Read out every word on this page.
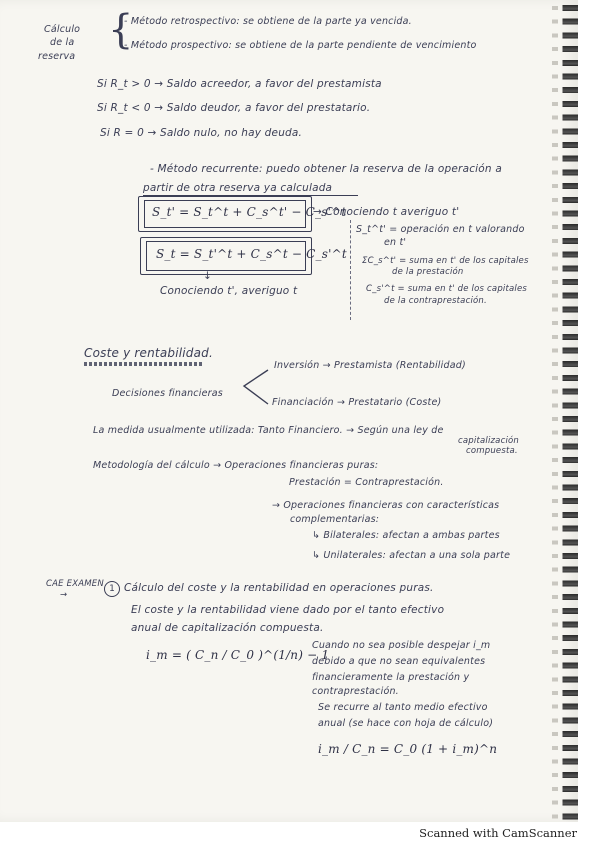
Cálculo
de la
reserva
{
- Método retrospectivo: se obtiene de la parte ya vencida.
- Método prospectivo: se obtiene de la parte pendiente de vencimiento
Si R_t > 0 → Saldo acreedor, a favor del prestamista
Si R_t < 0 → Saldo deudor, a favor del prestatario.
Si R = 0 → Saldo nulo, no hay deuda.
- Método recurrente: puedo obtener la reserva de la operación a
partir de otra reserva ya calculada
S_t' = S_t^t + C_s^t' − C_s'^t
→ Conociendo t averiguo t'
S_t^t' = operación en t valorando
en t'
S_t = S_t'^t + C_s^t − C_s'^t
↓
Conociendo t', averiguo t
ΣC_s^t' = suma en t' de los capitales
de la prestación
C_s'^t = suma en t' de los capitales
de la contraprestación.
Coste y rentabilidad.
Inversión → Prestamista (Rentabilidad)
Decisiones financieras
Financiación → Prestatario (Coste)
La medida usualmente utilizada: Tanto Financiero. → Según una ley de
capitalización
compuesta.
Metodología del cálculo → Operaciones financieras puras:
Prestación = Contraprestación.
→ Operaciones financieras con características
complementarias:
↳ Bilaterales: afectan a ambas partes
↳ Unilaterales: afectan a una sola parte
CAE EXAMEN
→
1 Cálculo del coste y la rentabilidad en operaciones puras.
El coste y la rentabilidad viene dado por el tanto efectivo
anual de capitalización compuesta.
i_m = ( C_n / C_0 )^(1/n) − 1
Cuando no sea posible despejar i_m
debido a que no sean equivalentes
financieramente la prestación y
contraprestación.
Se recurre al tanto medio efectivo
anual (se hace con hoja de cálculo)
i_m / C_n = C_0 (1 + i_m)^n
Scanned with CamScanner
